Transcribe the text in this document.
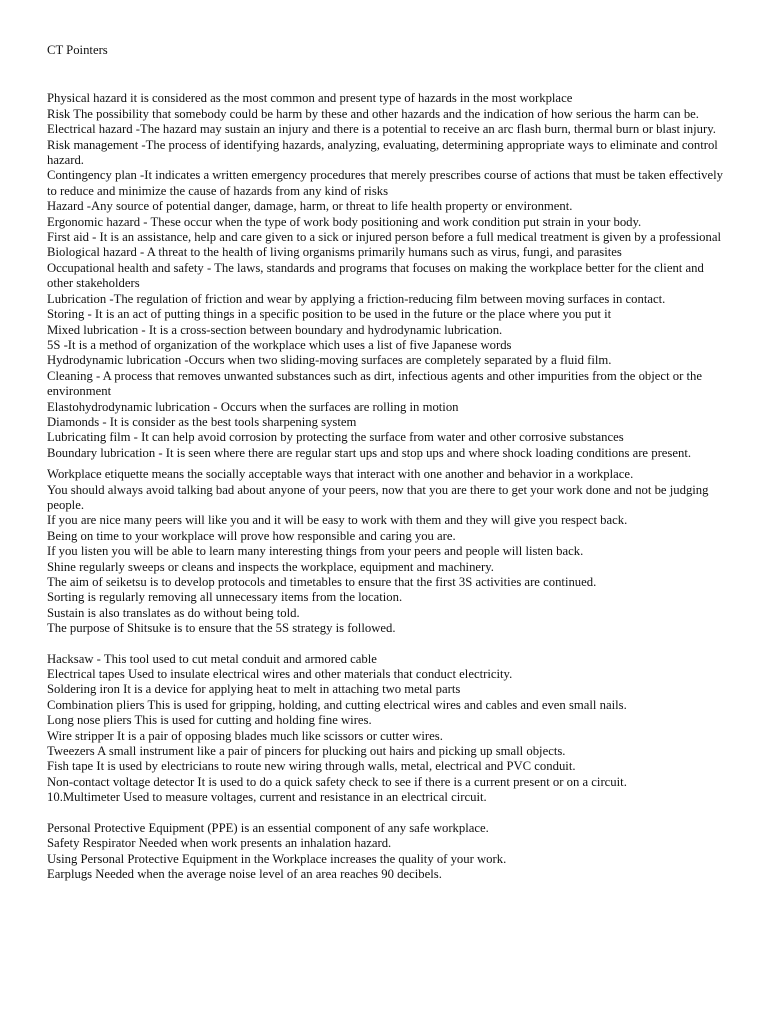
CT Pointers

Physical hazard it is considered as the most common and present type of hazards in the most workplace

Risk The possibility that somebody could be harm by these and other hazards and the indication of how serious the harm can be.

Electrical hazard -The hazard may sustain an injury and there is a potential to receive an arc flash burn, thermal burn or blast injury.

Risk management -The process of identifying hazards, analyzing, evaluating, determining appropriate ways to eliminate and control hazard.

Contingency plan -It indicates a written emergency procedures that merely prescribes course of actions that must be taken effectively to reduce and minimize the cause of hazards from any kind of risks

Hazard -Any source of potential danger, damage, harm, or threat to life health property or environment.

Ergonomic hazard - These occur when the type of work body positioning and work condition put strain in your body.

First aid - It is an assistance, help and care given to a sick or injured person before a full medical treatment is given by a professional

Biological hazard - A threat to the health of living organisms primarily humans such as virus, fungi, and parasites

Occupational health and safety - The laws, standards and programs that focuses on making the workplace better for the client and other stakeholders

Lubrication -The regulation of friction and wear by applying a friction-reducing film between moving surfaces in contact.

Storing - It is an act of putting things in a specific position to be used in the future or the place where you put it

Mixed lubrication - It is a cross-section between boundary and hydrodynamic lubrication.

5S -It is a method of organization of the workplace which uses a list of five Japanese words

Hydrodynamic lubrication -Occurs when two sliding-moving surfaces are completely separated by a fluid film.

Cleaning - A process that removes unwanted substances such as dirt, infectious agents and other impurities from the object or the environment

Elastohydrodynamic lubrication - Occurs when the surfaces are rolling in motion

Diamonds - It is consider as the best tools sharpening system

Lubricating film - It can help avoid corrosion by protecting the surface from water and other corrosive substances

Boundary lubrication - It is seen where there are regular start ups and stop ups and where shock loading conditions are present.

Workplace etiquette means the socially acceptable ways that interact with one another and behavior in a workplace.

You should always avoid talking bad about anyone of your peers, now that you are there to get your work done and not be judging people.

If you are nice many peers will like you and it will be easy to work with them and they will give you respect back.

Being on time to your workplace will prove how responsible and caring you are.

If you listen you will be able to learn many interesting things from your peers and people will listen back.

Shine regularly sweeps or cleans and inspects the workplace, equipment and machinery.

The aim of seiketsu is to develop protocols and timetables to ensure that the first 3S activities are continued.

Sorting is regularly removing all unnecessary items from the location.

Sustain is also translates as do without being told.

The purpose of Shitsuke is to ensure that the 5S strategy is followed.

Hacksaw - This tool used to cut metal conduit and armored cable

Electrical tapes Used to insulate electrical wires and other materials that conduct electricity.

Soldering iron It is a device for applying heat to melt in attaching two metal parts

Combination pliers This is used for gripping, holding, and cutting electrical wires and cables and even small nails.

Long nose pliers This is used for cutting and holding fine wires.

Wire stripper It is a pair of opposing blades much like scissors or cutter wires.

Tweezers A small instrument like a pair of pincers for plucking out hairs and picking up small objects.

Fish tape It is used by electricians to route new wiring through walls, metal, electrical and PVC conduit.

Non-contact voltage detector It is used to do a quick safety check to see if there is a current present or on a circuit.

10.Multimeter Used to measure voltages, current and resistance in an electrical circuit.

Personal Protective Equipment (PPE) is an essential component of any safe workplace.

Safety Respirator Needed when work presents an inhalation hazard.

Using Personal Protective Equipment in the Workplace increases the quality of your work.

Earplugs Needed when the average noise level of an area reaches 90 decibels.
